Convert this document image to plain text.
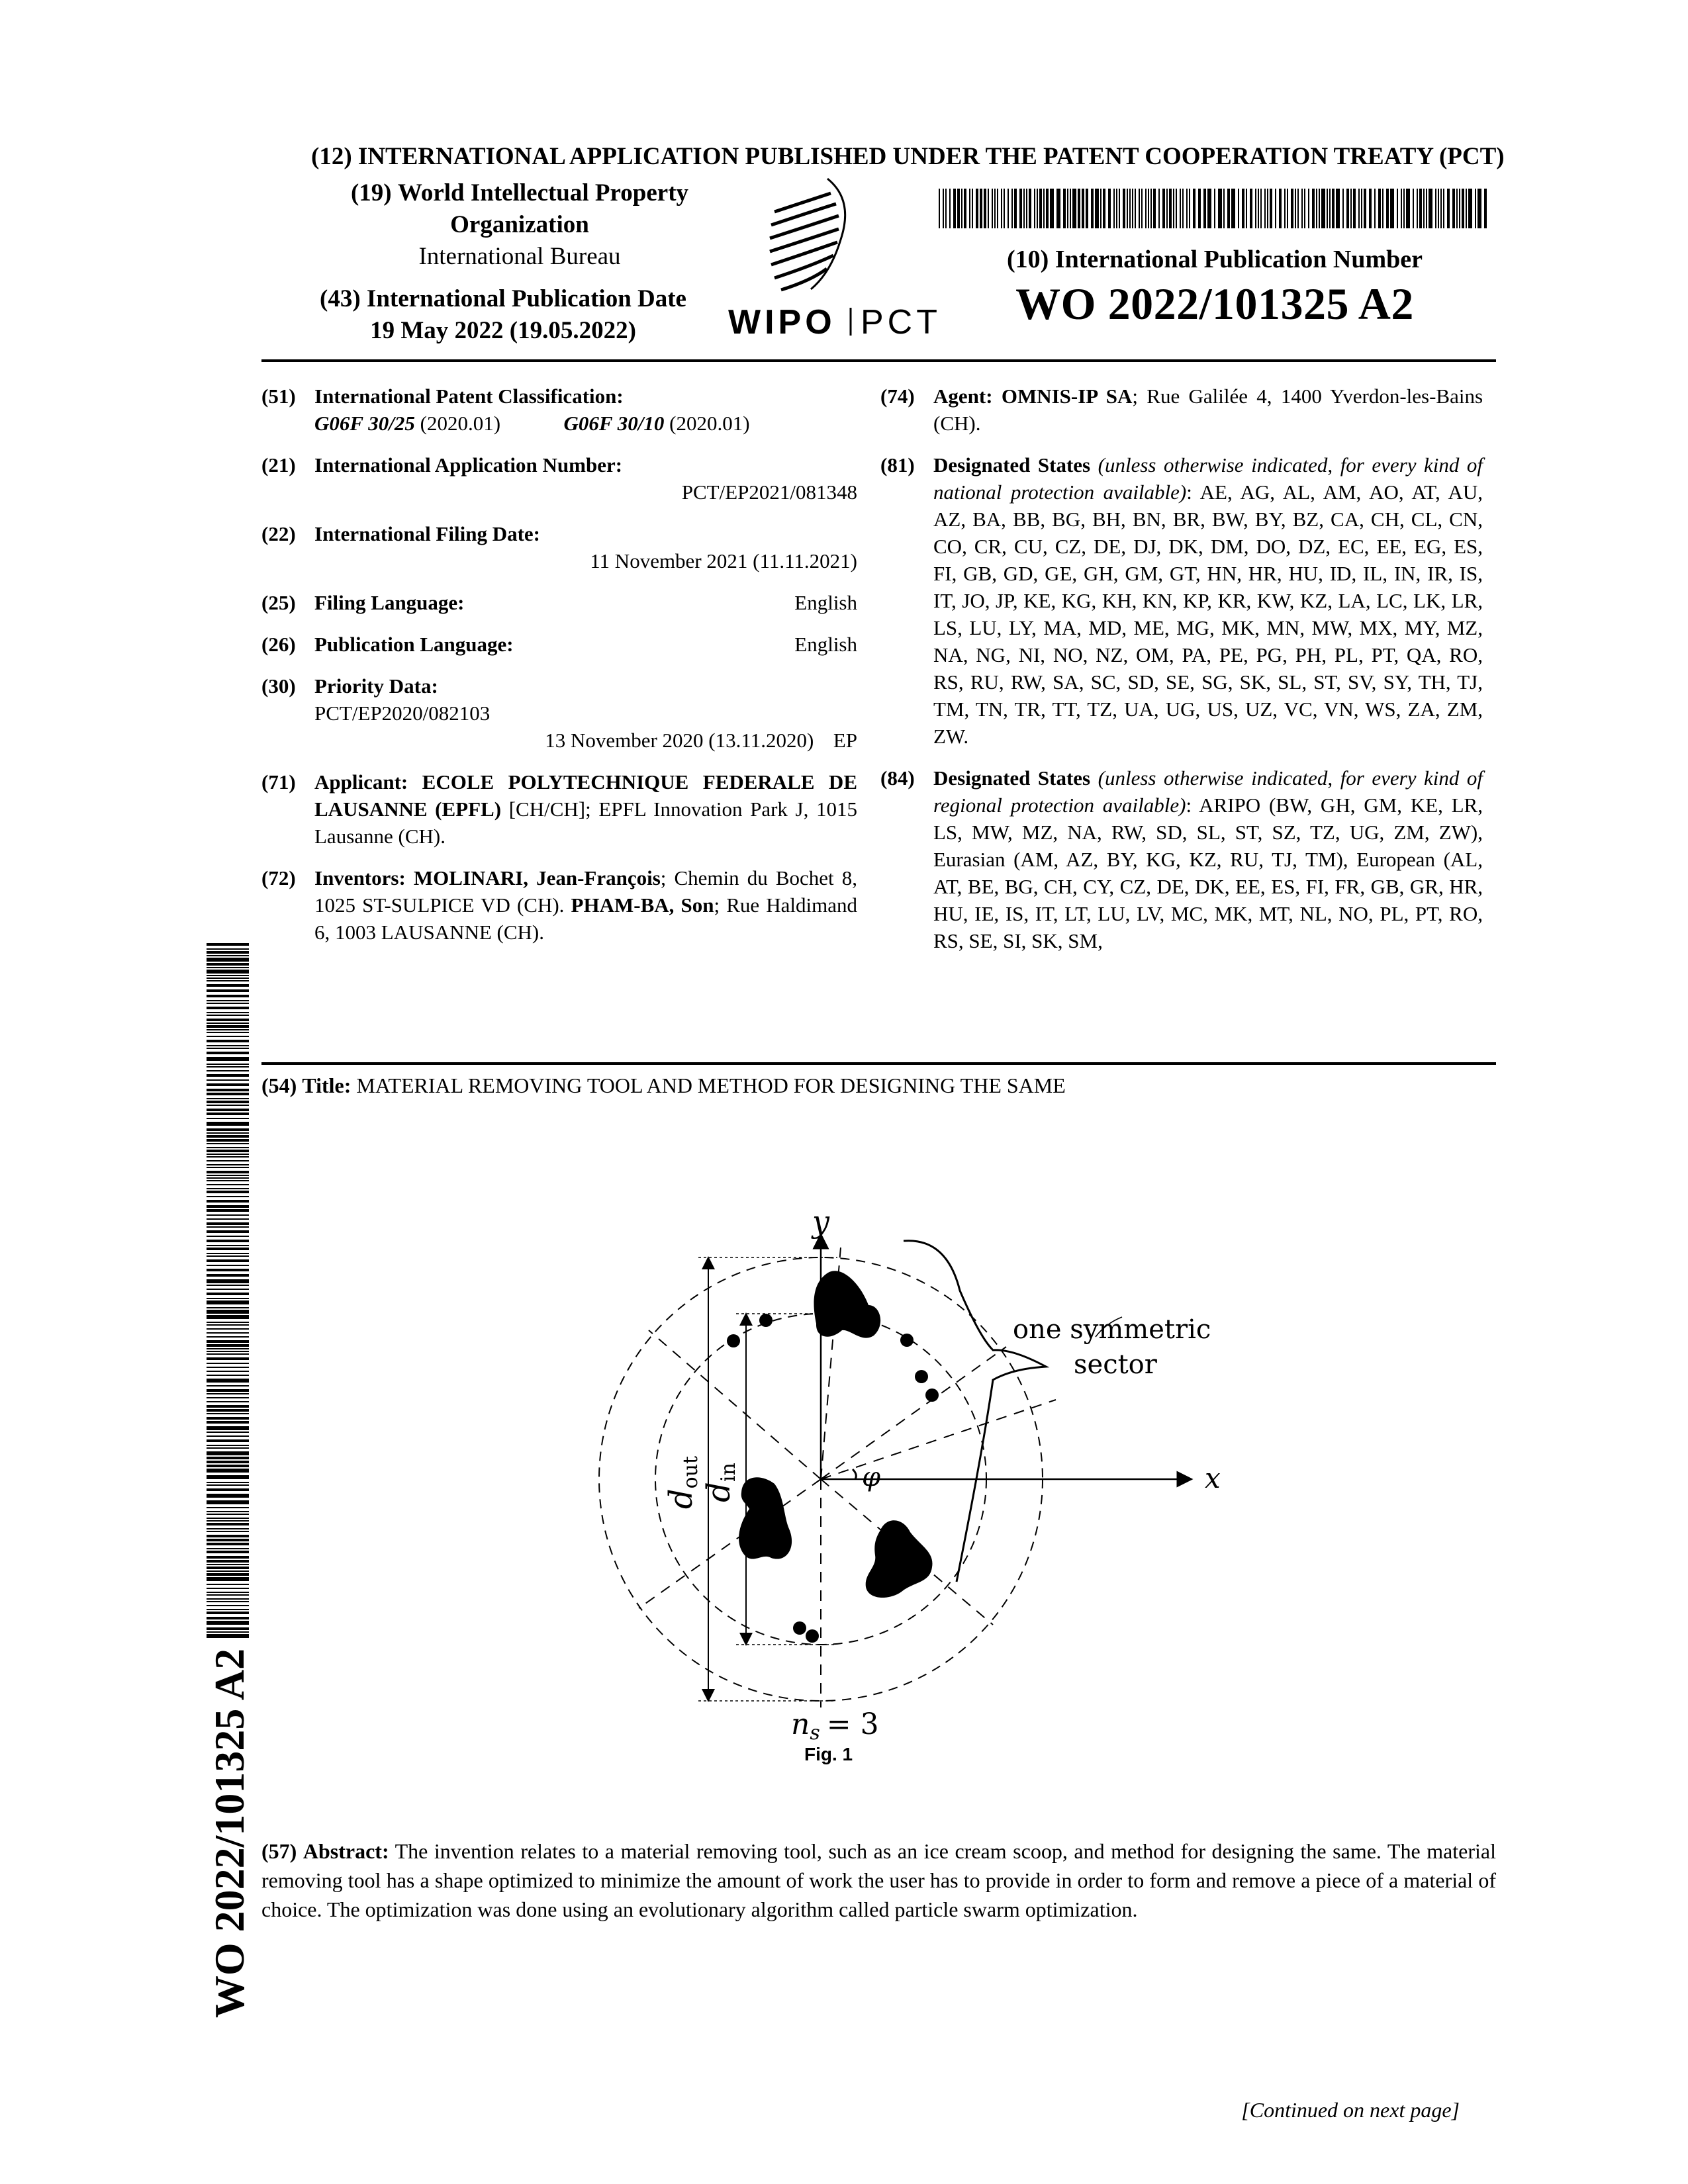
(12) INTERNATIONAL APPLICATION PUBLISHED UNDER THE PATENT COOPERATION TREATY (PCT)
(19) World Intellectual Property
Organization
International Bureau
(43) International Publication Date
19 May 2022 (19.05.2022)	WIPO PCT
(10) International Publication Number
WO 2022/101325 A2
(51) International Patent Classification:
G06F 30/25 (2020.01)	G06F 30/10 (2020.01)
(21) International Application Number:
PCT/EP2021/081348
(22) International Filing Date:
11 November 2021 (11.11.2021)
(25) Filing Language:	English
(26) Publication Language:	English
(30) Priority Data:
PCT/EP2020/082103
13 November 2020 (13.11.2020) EP
(71) Applicant: ECOLE POLYTECHNIQUE FEDERALE DE LAUSANNE (EPFL) [CH/CH]; EPFL Innovation Park J, 1015 Lausanne (CH).
(72) Inventors: MOLINARI, Jean-François; Chemin du Bochet 8, 1025 ST-SULPICE VD (CH). PHAM-BA, Son; Rue Haldimand 6, 1003 LAUSANNE (CH).
(74) Agent: OMNIS-IP SA; Rue Galilée 4, 1400 Yverdon-les-Bains (CH).
(81) Designated States (unless otherwise indicated, for every kind of national protection available): AE, AG, AL, AM, AO, AT, AU, AZ, BA, BB, BG, BH, BN, BR, BW, BY, BZ, CA, CH, CL, CN, CO, CR, CU, CZ, DE, DJ, DK, DM, DO, DZ, EC, EE, EG, ES, FI, GB, GD, GE, GH, GM, GT, HN, HR, HU, ID, IL, IN, IR, IS, IT, JO, JP, KE, KG, KH, KN, KP, KR, KW, KZ, LA, LC, LK, LR, LS, LU, LY, MA, MD, ME, MG, MK, MN, MW, MX, MY, MZ, NA, NG, NI, NO, NZ, OM, PA, PE, PG, PH, PL, PT, QA, RO, RS, RU, RW, SA, SC, SD, SE, SG, SK, SL, ST, SV, SY, TH, TJ, TM, TN, TR, TT, TZ, UA, UG, US, UZ, VC, VN, WS, ZA, ZM, ZW.
(84) Designated States (unless otherwise indicated, for every kind of regional protection available): ARIPO (BW, GH, GM, KE, LR, LS, MW, MZ, NA, RW, SD, SL, ST, SZ, TZ, UG, ZM, ZW), Eurasian (AM, AZ, BY, KG, KZ, RU, TJ, TM), European (AL, AT, BE, BG, CH, CY, CZ, DE, DK, EE, ES, FI, FR, GB, GR, HR, HU, IE, IS, IT, LT, LU, LV, MC, MK, MT, NL, NO, PL, PT, RO, RS, SE, SI, SK, SM,
(54) Title: MATERIAL REMOVING TOOL AND METHOD FOR DESIGNING THE SAME
y
x
φ
one symmetric
sector
dout
din
ns = 3
Fig. 1
(57) Abstract: The invention relates to a material removing tool, such as an ice cream scoop, and method for designing the same. The material removing tool has a shape optimized to minimize the amount of work the user has to provide in order to form and remove a piece of a material of choice. The optimization was done using an evolutionary algorithm called particle swarm optimization.
[Continued on next page]
WO 2022/101325 A2
